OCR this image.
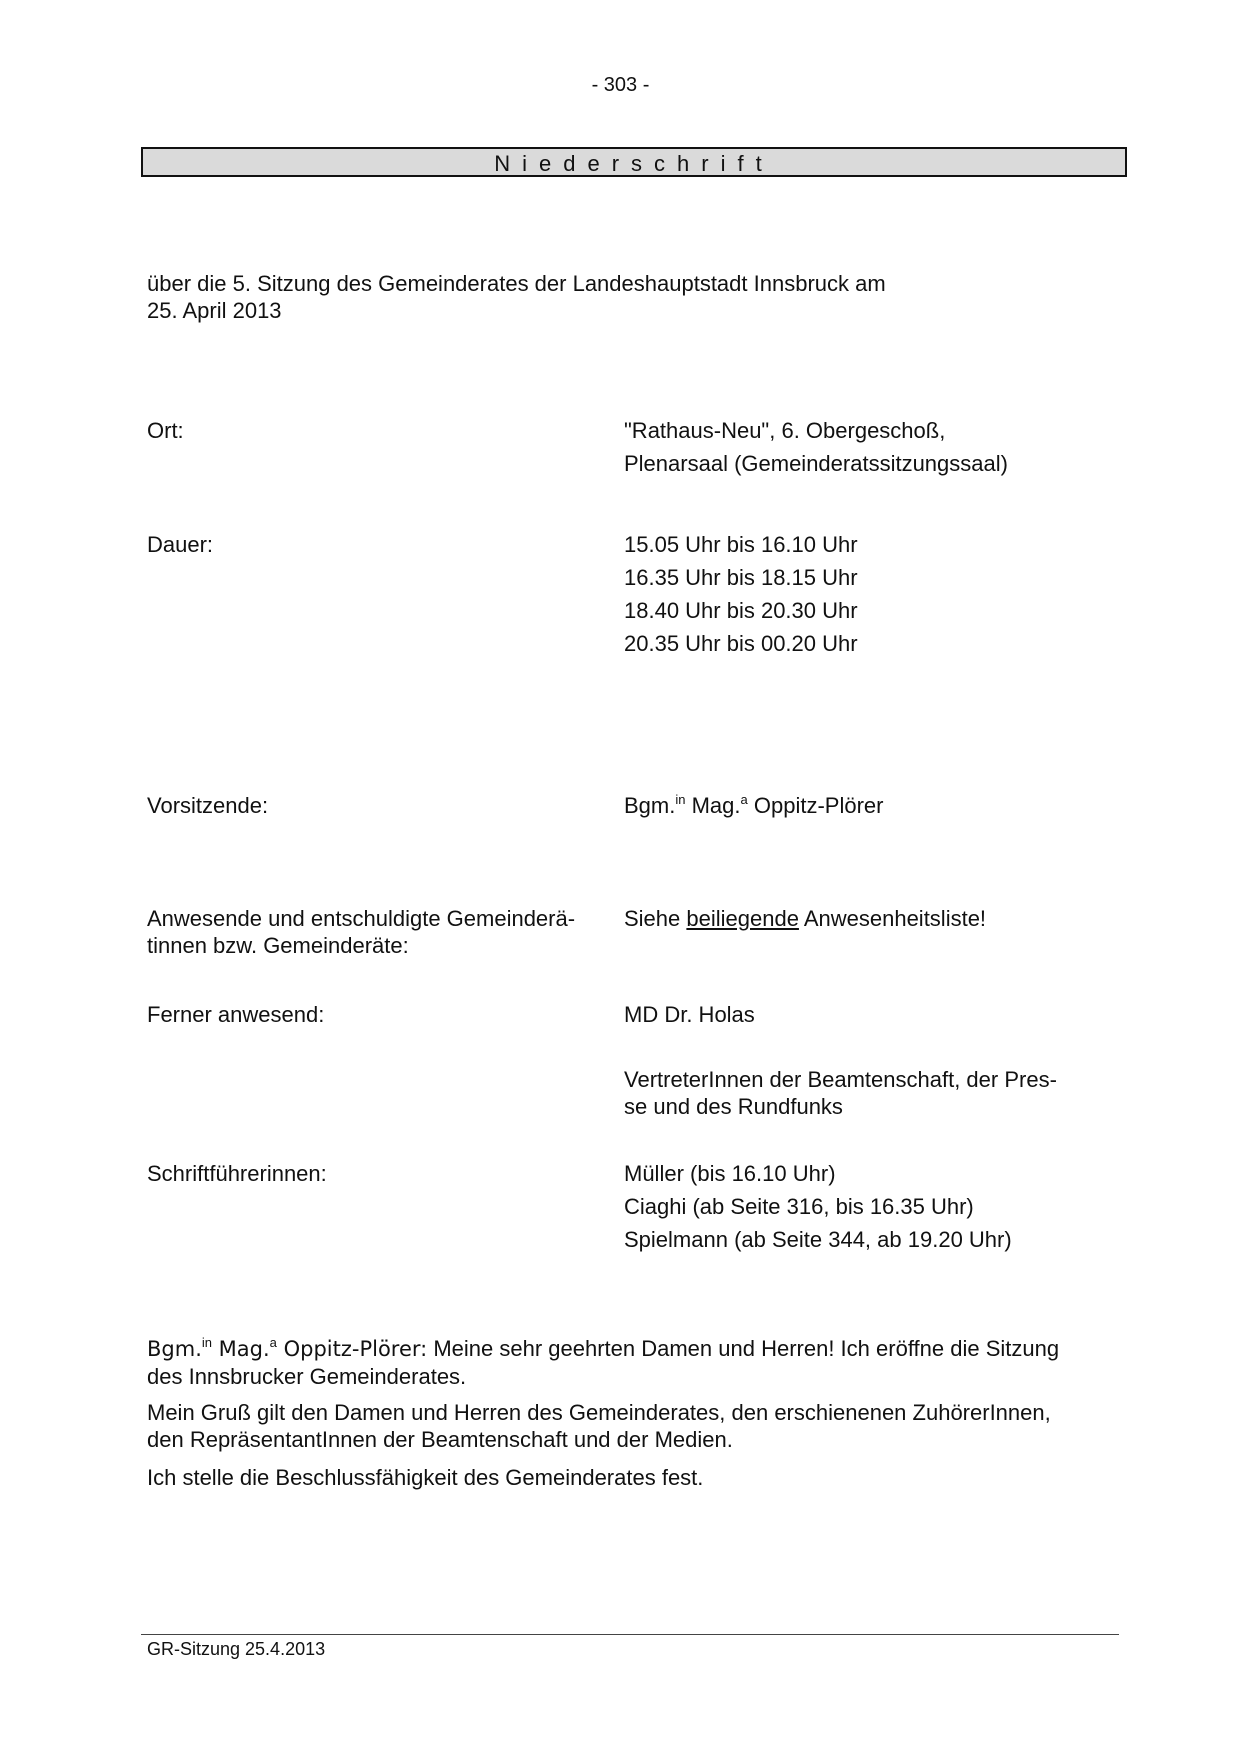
- 303 -
Niederschrift
über die 5. Sitzung des Gemeinderates der Landeshauptstadt Innsbruck am
25. April 2013
Ort:	"Rathaus-Neu", 6. Obergeschoß,
Plenarsaal (Gemeinderatssitzungssaal)
Dauer:	15.05 Uhr bis 16.10 Uhr
16.35 Uhr bis 18.15 Uhr
18.40 Uhr bis 20.30 Uhr
20.35 Uhr bis 00.20 Uhr
Vorsitzende:	Bgm.$^{in}$ Mag.$^a$ Oppitz-Plörer
Anwesende und entschuldigte Gemeinderä-
tinnen bzw. Gemeinderäte:
Siehe beiliegende Anwesenheitsliste!
Ferner anwesend:	MD Dr. Holas
VertreterInnen der Beamtenschaft, der Pres-
se und des Rundfunks
Schriftführerinnen:	Müller (bis 16.10 Uhr)
Ciaghi (ab Seite 316, bis 16.35 Uhr)
Spielmann (ab Seite 344, ab 19.20 Uhr)
Bgm.$^{in}$ Mag.$^a$ Oppitz-Plörer: Meine sehr geehrten Damen und Herren! Ich eröffne die Sitzung
des Innsbrucker Gemeinderates.
Mein Gruß gilt den Damen und Herren des Gemeinderates, den erschienenen ZuhörerInnen,
den RepräsentantInnen der Beamtenschaft und der Medien.
Ich stelle die Beschlussfähigkeit des Gemeinderates fest.
GR-Sitzung 25.4.2013
